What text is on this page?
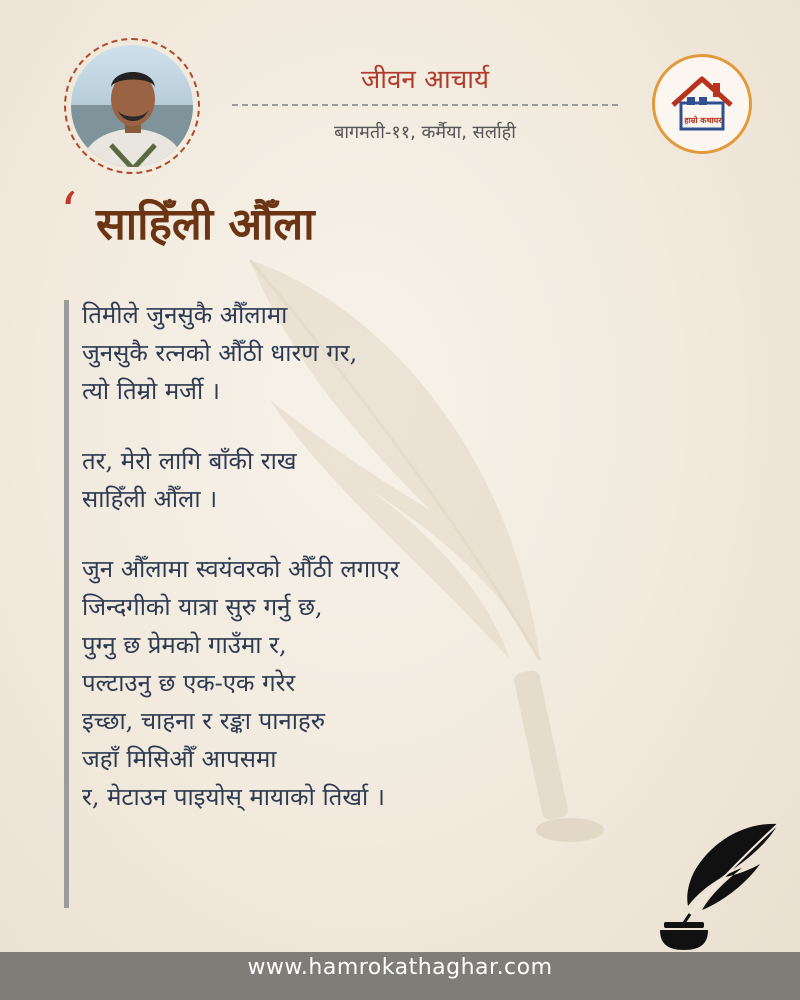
जीवन आचार्य
बागमती-११, कर्मैया, सर्लाही
हाम्रो कथाघर
‘ साहिँली औँला
तिमीले जुनसुकै औँलामा
जुनसुकै रत्नको औँठी धारण गर,
त्यो तिम्रो मर्जी ।
तर, मेरो लागि बाँकी राख
साहिँली औँला ।
जुन औँलामा स्वयंवरको औँठी लगाएर
जिन्दगीको यात्रा सुरु गर्नु छ,
पुग्नु छ प्रेमको गाउँमा र,
पल्टाउनु छ एक-एक गरेर
इच्छा, चाहना र रङ्का पानाहरु
जहाँ मिसिऔँ आपसमा
र, मेटाउन पाइयोस् मायाको तिर्खा ।
www.hamrokathaghar.com
